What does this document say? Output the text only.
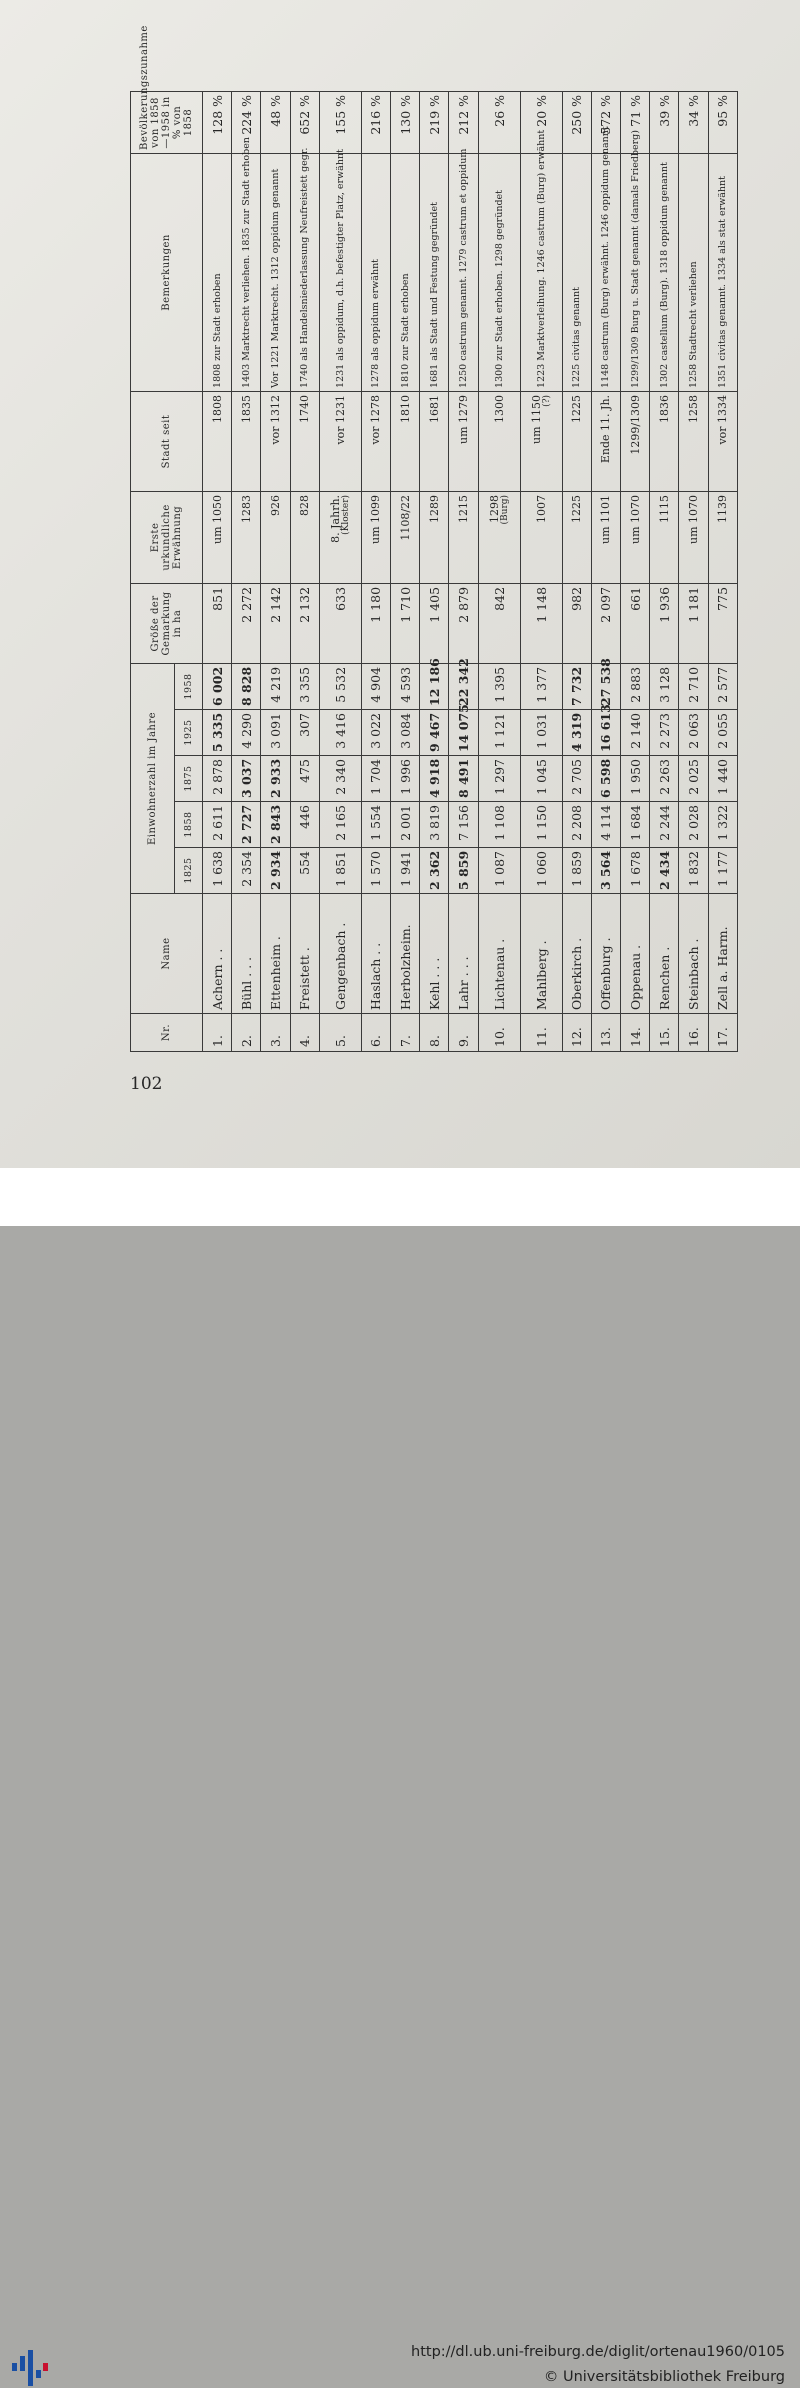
Nr.	Name	Einwohnerzahl im Jahre					Größe der Gemarkung in ha	Erste urkundliche Erwähnung	Stadt seit	Bemerkungen	Bevölkerungszunahme von 1858—1958 in % von 1858
		1825	1858	1875	1925	1958					
1.	Achern . .	1 638	2 611	2 878	5 335	6 002	851	um 1050	1808	1808 zur Stadt erhoben	128 %
2.	Bühl . . .	2 354	2 727	3 037	4 290	8 828	2 272	1283	1835	1403 Marktrecht verliehen. 1835 zur Stadt erhoben	224 %
3.	Ettenheim .	2 934	2 843	2 933	3 091	4 219	2 142	926	vor 1312	Vor 1221 Marktrecht. 1312 oppidum genannt	48 %
4.	Freistett .	554	446	475	307	3 355	2 132	828	1740	1740 als Handelsniederlassung Neufreistett gegr.	652 %
5.	Gengenbach .	1 851	2 165	2 340	3 416	5 532	633	8. Jahrh. (Kloster)	vor 1231	1231 als oppidum, d.h. befestigter Platz, erwähnt	155 %
6.	Haslach . .	1 570	1 554	1 704	3 022	4 904	1 180	um 1099	vor 1278	1278 als oppidum erwähnt	216 %
7.	Herbolzheim.	1 941	2 001	1 996	3 084	4 593	1 710	1108/22	1810	1810 zur Stadt erhoben	130 %
8.	Kehl . . .	2 362	3 819	4 918	9 467	12 186	1 405	1289	1681	1681 als Stadt und Festung gegründet	219 %
9.	Lahr . . .	5 859	7 156	8 491	14 075	22 342	2 879	1215	um 1279	1250 castrum genannt. 1279 castrum et oppidum	212 %
10.	Lichtenau .	1 087	1 108	1 297	1 121	1 395	842	1298 (Burg)	1300	1300 zur Stadt erhoben. 1298 gegründet	26 %
11.	Mahlberg .	1 060	1 150	1 045	1 031	1 377	1 148	1007	um 1150 (?)	1223 Marktverleihung. 1246 castrum (Burg) erwähnt	20 %
12.	Oberkirch .	1 859	2 208	2 705	4 319	7 732	982	1225	1225	1225 civitas genannt	250 %
13.	Offenburg .	3 564	4 114	6 598	16 613	27 538	2 097	um 1101	Ende 11. Jh.	1148 castrum (Burg) erwähnt. 1246 oppidum genannt	572 %
14.	Oppenau .	1 678	1 684	1 950	2 140	2 883	661	um 1070	1299/1309	1299/1309 Burg u. Stadt genannt (damals Friedberg)	71 %
15.	Renchen .	2 434	2 244	2 263	2 273	3 128	1 936	1115	1836	1302 castellum (Burg). 1318 oppidum genannt	39 %
16.	Steinbach .	1 832	2 028	2 025	2 063	2 710	1 181	um 1070	1258	1258 Stadtrecht verliehen	34 %
17.	Zell a. Harm.	1 177	1 322	1 440	2 055	2 577	775	1139	vor 1334	1351 civitas genannt. 1334 als stat erwähnt	95 %
102
http://dl.ub.uni-freiburg.de/diglit/ortenau1960/0105
© Universitätsbibliothek Freiburg
